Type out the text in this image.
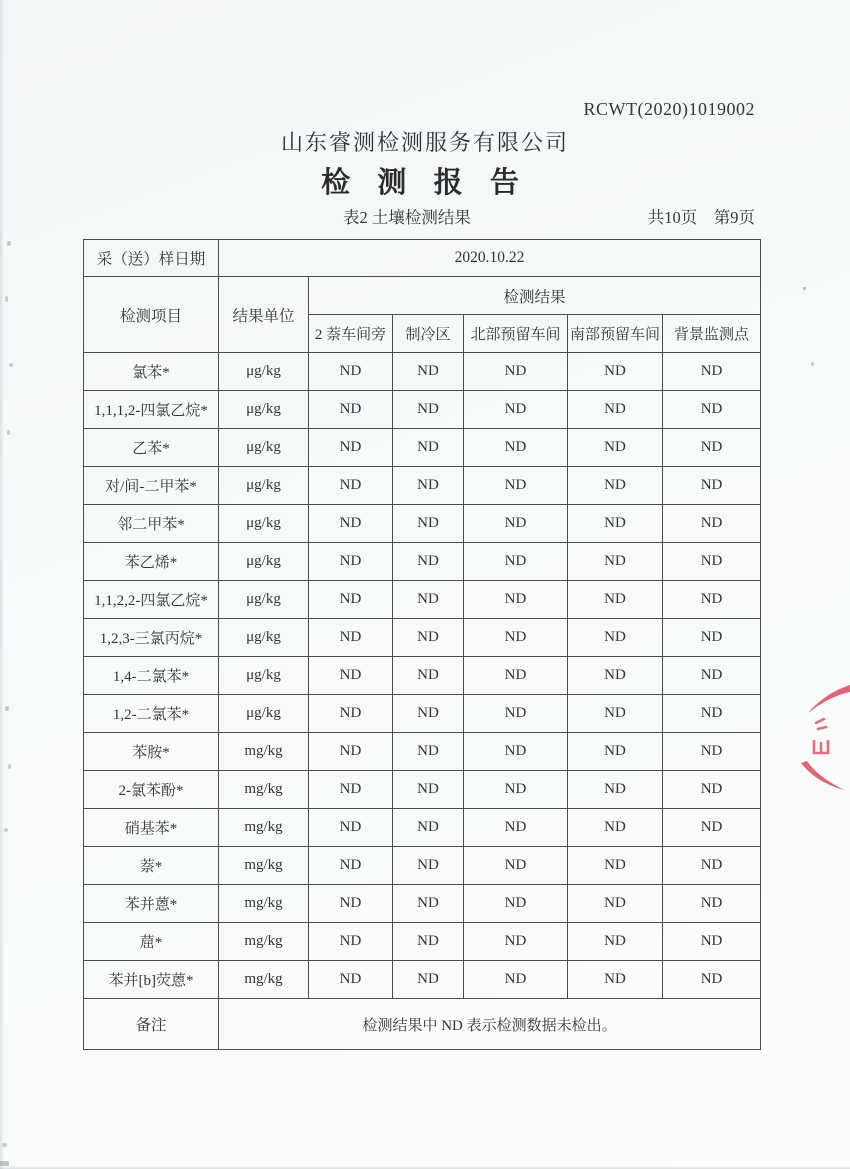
RCWT(2020)1019002
山东睿测检测服务有限公司
检 测 报 告
表2 土壤检测结果	共10页　第9页
采（送）样日期	2020.10.22					
检测项目	结果单位	检测结果				
		2 萘车间旁	制冷区	北部预留车间	南部预留车间	背景监测点
氯苯*	μg/kg	ND	ND	ND	ND	ND
1,1,1,2-四氯乙烷*	μg/kg	ND	ND	ND	ND	ND
乙苯*	μg/kg	ND	ND	ND	ND	ND
对/间-二甲苯*	μg/kg	ND	ND	ND	ND	ND
邻二甲苯*	μg/kg	ND	ND	ND	ND	ND
苯乙烯*	μg/kg	ND	ND	ND	ND	ND
1,1,2,2-四氯乙烷*	μg/kg	ND	ND	ND	ND	ND
1,2,3-三氯丙烷*	μg/kg	ND	ND	ND	ND	ND
1,4-二氯苯*	μg/kg	ND	ND	ND	ND	ND
1,2-二氯苯*	μg/kg	ND	ND	ND	ND	ND
苯胺*	mg/kg	ND	ND	ND	ND	ND
2-氯苯酚*	mg/kg	ND	ND	ND	ND	ND
硝基苯*	mg/kg	ND	ND	ND	ND	ND
萘*	mg/kg	ND	ND	ND	ND	ND
苯并蒽*	mg/kg	ND	ND	ND	ND	ND
䓛*	mg/kg	ND	ND	ND	ND	ND
苯并[b]荧蒽*	mg/kg	ND	ND	ND	ND	ND
备注	检测结果中 ND 表示检测数据未检出。					
